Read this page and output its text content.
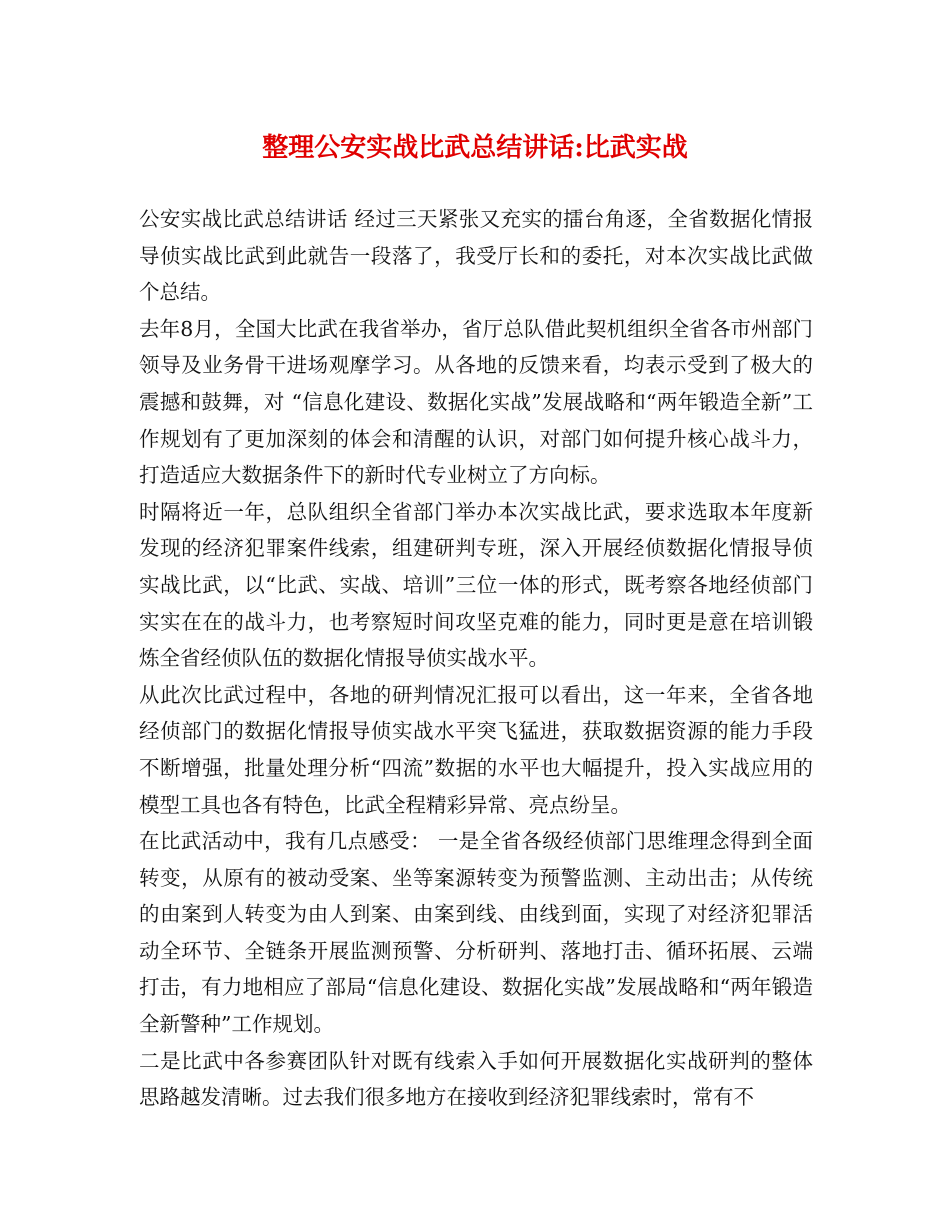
整理公安实战比武总结讲话:比武实战

公安实战比武总结讲话 经过三天紧张又充实的擂台角逐，全省数据化情报导侦实战比武到此就告一段落了，我受厅长和的委托，对本次实战比武做个总结。

去年8月，全国大比武在我省举办，省厅总队借此契机组织全省各市州部门领导及业务骨干进场观摩学习。从各地的反馈来看，均表示受到了极大的震撼和鼓舞，对 “信息化建设、数据化实战”发展战略和“两年锻造全新”工作规划有了更加深刻的体会和清醒的认识，对部门如何提升核心战斗力，打造适应大数据条件下的新时代专业树立了方向标。

时隔将近一年，总队组织全省部门举办本次实战比武，要求选取本年度新发现的经济犯罪案件线索，组建研判专班，深入开展经侦数据化情报导侦实战比武，以“比武、实战、培训”三位一体的形式，既考察各地经侦部门实实在在的战斗力，也考察短时间攻坚克难的能力，同时更是意在培训锻炼全省经侦队伍的数据化情报导侦实战水平。

从此次比武过程中，各地的研判情况汇报可以看出，这一年来，全省各地经侦部门的数据化情报导侦实战水平突飞猛进，获取数据资源的能力手段不断增强，批量处理分析“四流”数据的水平也大幅提升，投入实战应用的模型工具也各有特色，比武全程精彩异常、亮点纷呈。

在比武活动中，我有几点感受： 一是全省各级经侦部门思维理念得到全面转变，从原有的被动受案、坐等案源转变为预警监测、主动出击；从传统的由案到人转变为由人到案、由案到线、由线到面，实现了对经济犯罪活动全环节、全链条开展监测预警、分析研判、落地打击、循环拓展、云端打击，有力地相应了部局“信息化建设、数据化实战”发展战略和“两年锻造全新警种”工作规划。

二是比武中各参赛团队针对既有线索入手如何开展数据化实战研判的整体思路越发清晰。过去我们很多地方在接收到经济犯罪线索时，常有不
